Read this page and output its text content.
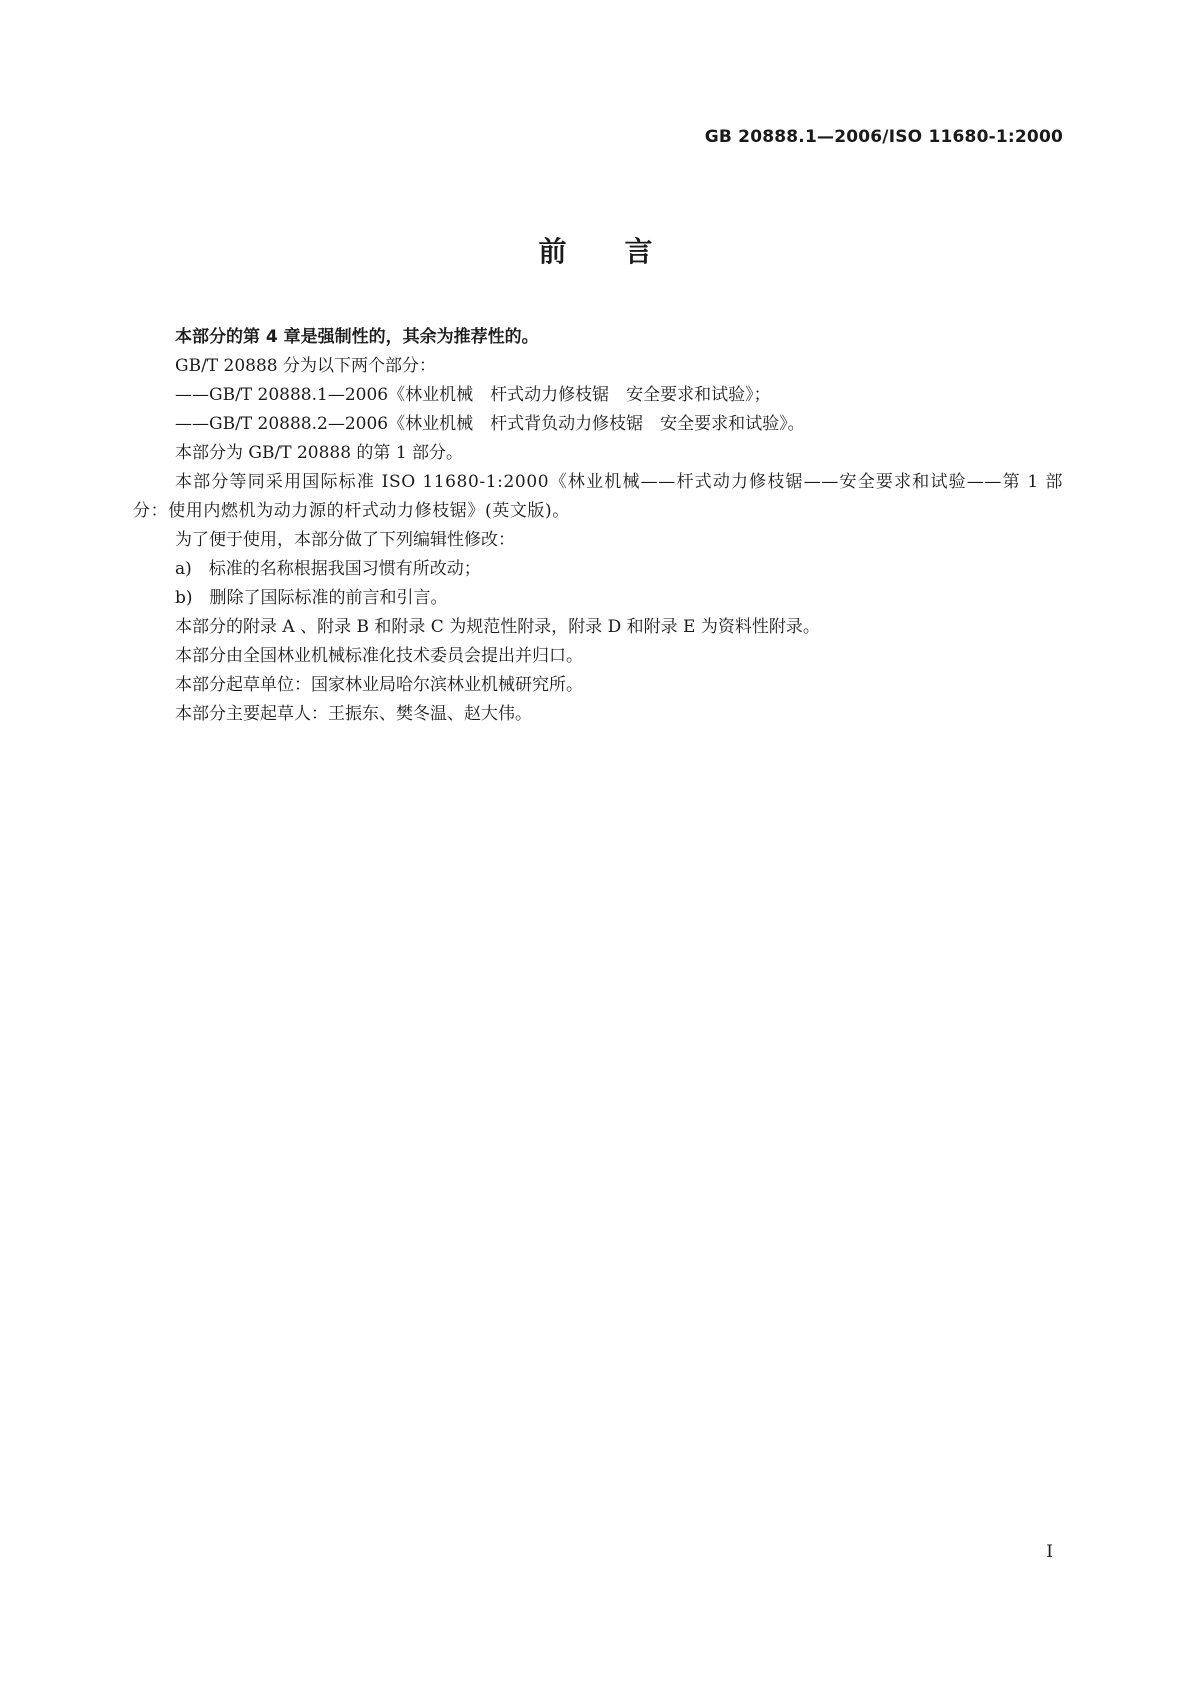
GB 20888.1—2006/ISO 11680-1:2000
前言

本部分的第 4 章是强制性的，其余为推荐性的。

GB/T 20888 分为以下两个部分：

——GB/T 20888.1—2006《林业机械　杆式动力修枝锯　安全要求和试验》；

——GB/T 20888.2—2006《林业机械　杆式背负动力修枝锯　安全要求和试验》。

本部分为 GB/T 20888 的第 1 部分。

本部分等同采用国际标准 ISO 11680-1:2000《林业机械——杆式动力修枝锯——安全要求和试验——第 1 部分：使用内燃机为动力源的杆式动力修枝锯》(英文版)。

为了便于使用，本部分做了下列编辑性修改：

a)　标准的名称根据我国习惯有所改动；

b)　删除了国际标准的前言和引言。

本部分的附录 A 、附录 B 和附录 C 为规范性附录，附录 D 和附录 E 为资料性附录。

本部分由全国林业机械标准化技术委员会提出并归口。

本部分起草单位：国家林业局哈尔滨林业机械研究所。

本部分主要起草人：王振东、樊冬温、赵大伟。

I
